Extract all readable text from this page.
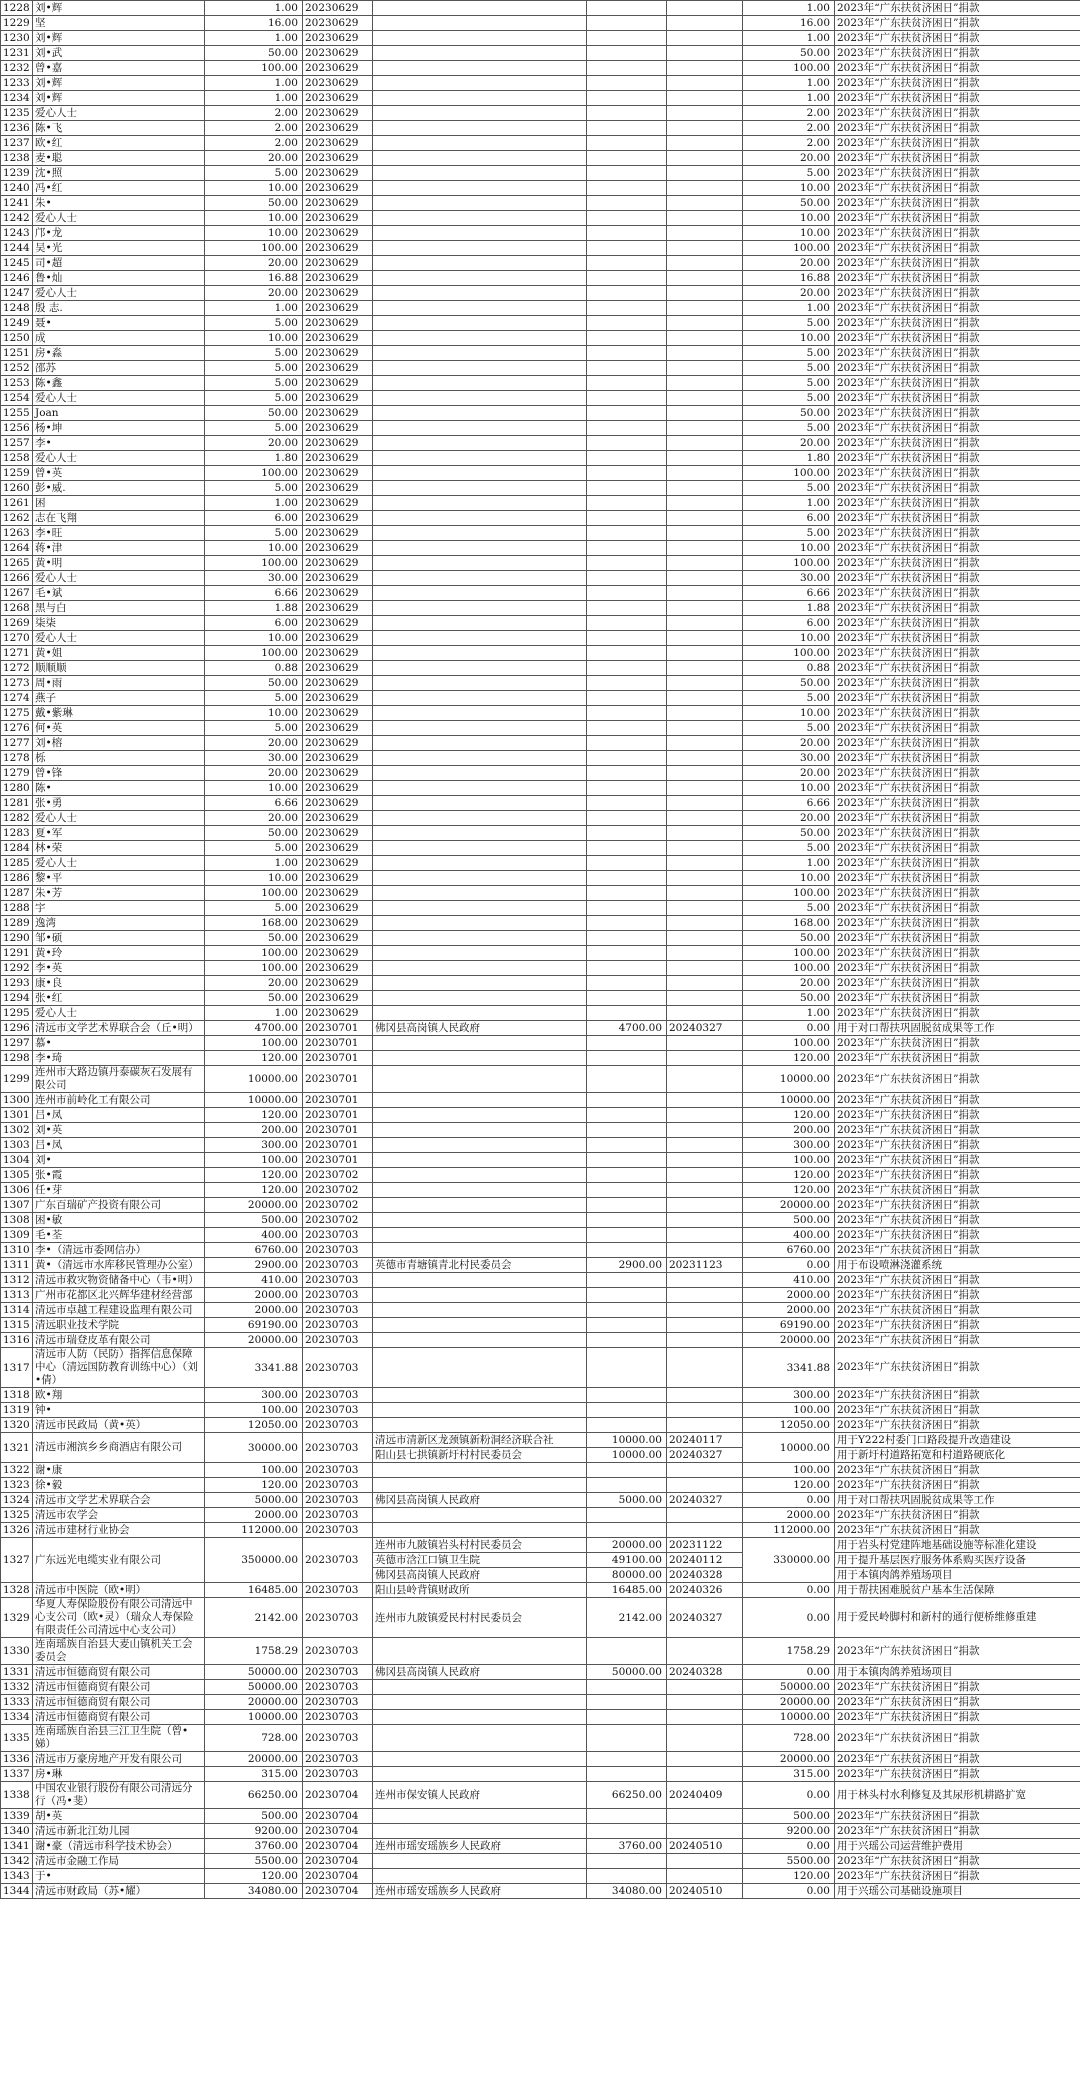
1228	刘•辉	1.00	20230629				1.00	2023年“广东扶贫济困日”捐款
1229	坚	16.00	20230629				16.00	2023年“广东扶贫济困日”捐款
1230	刘•辉	1.00	20230629				1.00	2023年“广东扶贫济困日”捐款
1231	刘•武	50.00	20230629				50.00	2023年“广东扶贫济困日”捐款
1232	曾•嘉	100.00	20230629				100.00	2023年“广东扶贫济困日”捐款
1233	刘•辉	1.00	20230629				1.00	2023年“广东扶贫济困日”捐款
1234	刘•辉	1.00	20230629				1.00	2023年“广东扶贫济困日”捐款
1235	爱心人士	2.00	20230629				2.00	2023年“广东扶贫济困日”捐款
1236	陈•飞	2.00	20230629				2.00	2023年“广东扶贫济困日”捐款
1237	欧•红	2.00	20230629				2.00	2023年“广东扶贫济困日”捐款
1238	麦•聪	20.00	20230629				20.00	2023年“广东扶贫济困日”捐款
1239	沈•照	5.00	20230629				5.00	2023年“广东扶贫济困日”捐款
1240	冯•红	10.00	20230629				10.00	2023年“广东扶贫济困日”捐款
1241	朱•	50.00	20230629				50.00	2023年“广东扶贫济困日”捐款
1242	爱心人士	10.00	20230629				10.00	2023年“广东扶贫济困日”捐款
1243	邝•龙	10.00	20230629				10.00	2023年“广东扶贫济困日”捐款
1244	吴•光	100.00	20230629				100.00	2023年“广东扶贫济困日”捐款
1245	司•超	20.00	20230629				20.00	2023年“广东扶贫济困日”捐款
1246	鲁•灿	16.88	20230629				16.88	2023年“广东扶贫济困日”捐款
1247	爱心人士	20.00	20230629				20.00	2023年“广东扶贫济困日”捐款
1248	殷 志.	1.00	20230629				1.00	2023年“广东扶贫济困日”捐款
1249	聂•	5.00	20230629				5.00	2023年“广东扶贫济困日”捐款
1250	成	10.00	20230629				10.00	2023年“广东扶贫济困日”捐款
1251	房•淼	5.00	20230629				5.00	2023年“广东扶贫济困日”捐款
1252	邵苏	5.00	20230629				5.00	2023年“广东扶贫济困日”捐款
1253	陈•鑫	5.00	20230629				5.00	2023年“广东扶贫济困日”捐款
1254	爱心人士	5.00	20230629				5.00	2023年“广东扶贫济困日”捐款
1255	Joan	50.00	20230629				50.00	2023年“广东扶贫济困日”捐款
1256	杨•坤	5.00	20230629				5.00	2023年“广东扶贫济困日”捐款
1257	李•	20.00	20230629				20.00	2023年“广东扶贫济困日”捐款
1258	爱心人士	1.80	20230629				1.80	2023年“广东扶贫济困日”捐款
1259	曾•英	100.00	20230629				100.00	2023年“广东扶贫济困日”捐款
1260	彭•威.	5.00	20230629				5.00	2023年“广东扶贫济困日”捐款
1261	困	1.00	20230629				1.00	2023年“广东扶贫济困日”捐款
1262	志在飞翔	6.00	20230629				6.00	2023年“广东扶贫济困日”捐款
1263	李•旺	5.00	20230629				5.00	2023年“广东扶贫济困日”捐款
1264	蒋•津	10.00	20230629				10.00	2023年“广东扶贫济困日”捐款
1265	黄•明	100.00	20230629				100.00	2023年“广东扶贫济困日”捐款
1266	爱心人士	30.00	20230629				30.00	2023年“广东扶贫济困日”捐款
1267	毛•斌	6.66	20230629				6.66	2023年“广东扶贫济困日”捐款
1268	黑与白	1.88	20230629				1.88	2023年“广东扶贫济困日”捐款
1269	柒柒	6.00	20230629				6.00	2023年“广东扶贫济困日”捐款
1270	爱心人士	10.00	20230629				10.00	2023年“广东扶贫济困日”捐款
1271	黄•姐	100.00	20230629				100.00	2023年“广东扶贫济困日”捐款
1272	顺顺顺	0.88	20230629				0.88	2023年“广东扶贫济困日”捐款
1273	周•雨	50.00	20230629				50.00	2023年“广东扶贫济困日”捐款
1274	燕子	5.00	20230629				5.00	2023年“广东扶贫济困日”捐款
1275	戴•紫琳	10.00	20230629				10.00	2023年“广东扶贫济困日”捐款
1276	何•英	5.00	20230629				5.00	2023年“广东扶贫济困日”捐款
1277	刘•榕	20.00	20230629				20.00	2023年“广东扶贫济困日”捐款
1278	栎	30.00	20230629				30.00	2023年“广东扶贫济困日”捐款
1279	曾•锋	20.00	20230629				20.00	2023年“广东扶贫济困日”捐款
1280	陈•	10.00	20230629				10.00	2023年“广东扶贫济困日”捐款
1281	张•勇	6.66	20230629				6.66	2023年“广东扶贫济困日”捐款
1282	爱心人士	20.00	20230629				20.00	2023年“广东扶贫济困日”捐款
1283	夏•军	50.00	20230629				50.00	2023年“广东扶贫济困日”捐款
1284	林•荣	5.00	20230629				5.00	2023年“广东扶贫济困日”捐款
1285	爱心人士	1.00	20230629				1.00	2023年“广东扶贫济困日”捐款
1286	黎•平	10.00	20230629				10.00	2023年“广东扶贫济困日”捐款
1287	朱•芳	100.00	20230629				100.00	2023年“广东扶贫济困日”捐款
1288	宇	5.00	20230629				5.00	2023年“广东扶贫济困日”捐款
1289	逸湾	168.00	20230629				168.00	2023年“广东扶贫济困日”捐款
1290	邹•硕	50.00	20230629				50.00	2023年“广东扶贫济困日”捐款
1291	黄•玲	100.00	20230629				100.00	2023年“广东扶贫济困日”捐款
1292	李•英	100.00	20230629				100.00	2023年“广东扶贫济困日”捐款
1293	康•良	20.00	20230629				20.00	2023年“广东扶贫济困日”捐款
1294	张•红	50.00	20230629				50.00	2023年“广东扶贫济困日”捐款
1295	爱心人士	1.00	20230629				1.00	2023年“广东扶贫济困日”捐款
1296	清远市文学艺术界联合会（丘•明）	4700.00	20230701	佛冈县高岗镇人民政府	4700.00	20240327	0.00	用于对口帮扶巩固脱贫成果等工作
1297	慕•	100.00	20230701				100.00	2023年“广东扶贫济困日”捐款
1298	李•琦	120.00	20230701				120.00	2023年“广东扶贫济困日”捐款
1299	连州市大路边镇丹泰碳灰石发展有限公司	10000.00	20230701				10000.00	2023年“广东扶贫济困日”捐款
1300	连州市前岭化工有限公司	10000.00	20230701				10000.00	2023年“广东扶贫济困日”捐款
1301	吕•凤	120.00	20230701				120.00	2023年“广东扶贫济困日”捐款
1302	刘•英	200.00	20230701				200.00	2023年“广东扶贫济困日”捐款
1303	吕•凤	300.00	20230701				300.00	2023年“广东扶贫济困日”捐款
1304	刘•	100.00	20230701				100.00	2023年“广东扶贫济困日”捐款
1305	张•霞	120.00	20230702				120.00	2023年“广东扶贫济困日”捐款
1306	任•芽	120.00	20230702				120.00	2023年“广东扶贫济困日”捐款
1307	广东百瑞矿产投资有限公司	20000.00	20230702				20000.00	2023年“广东扶贫济困日”捐款
1308	困•敏	500.00	20230702				500.00	2023年“广东扶贫济困日”捐款
1309	毛•荃	400.00	20230703				400.00	2023年“广东扶贫济困日”捐款
1310	李•（清远市委网信办）	6760.00	20230703				6760.00	2023年“广东扶贫济困日”捐款
1311	黄•（清远市水库移民管理办公室）	2900.00	20230703	英德市青塘镇青北村民委员会	2900.00	20231123	0.00	用于布设喷淋浇灌系统
1312	清远市救灾物资储备中心（韦•明）	410.00	20230703				410.00	2023年“广东扶贫济困日”捐款
1313	广州市花都区北兴辉华建材经营部	2000.00	20230703				2000.00	2023年“广东扶贫济困日”捐款
1314	清远市卓越工程建设监理有限公司	2000.00	20230703				2000.00	2023年“广东扶贫济困日”捐款
1315	清远职业技术学院	69190.00	20230703				69190.00	2023年“广东扶贫济困日”捐款
1316	清远市瑞登皮革有限公司	20000.00	20230703				20000.00	2023年“广东扶贫济困日”捐款
1317	清远市人防（民防）指挥信息保障中心（清远国防教育训练中心）（刘•倩）	3341.88	20230703				3341.88	2023年“广东扶贫济困日”捐款
1318	欧•翔	300.00	20230703				300.00	2023年“广东扶贫济困日”捐款
1319	钟•	100.00	20230703				100.00	2023年“广东扶贫济困日”捐款
1320	清远市民政局（黄•英）	12050.00	20230703				12050.00	2023年“广东扶贫济困日”捐款
1321	清远市湘滨乡乡商酒店有限公司	30000.00	20230703	清远市清新区龙颈镇新粉洞经济联合社	10000.00	20240117	10000.00	用于Y222村委门口路段提升改造建设
				阳山县七拱镇新圩村村民委员会	10000.00	20240327		用于新圩村道路拓宽和村道路硬底化
1322	谢•康	100.00	20230703				100.00	2023年“广东扶贫济困日”捐款
1323	徐•毅	120.00	20230703				120.00	2023年“广东扶贫济困日”捐款
1324	清远市文学艺术界联合会	5000.00	20230703	佛冈县高岗镇人民政府	5000.00	20240327	0.00	用于对口帮扶巩固脱贫成果等工作
1325	清远市农学会	2000.00	20230703				2000.00	2023年“广东扶贫济困日”捐款
1326	清远市建材行业协会	112000.00	20230703				112000.00	2023年“广东扶贫济困日”捐款
1327	广东远光电缆实业有限公司	350000.00	20230703	连州市九陂镇岩头村村民委员会	20000.00	20231122	330000.00	用于岩头村党建阵地基础设施等标准化建设
				英德市浛江口镇卫生院	49100.00	20240112		用于提升基层医疗服务体系购买医疗设备
				佛冈县高岗镇人民政府	80000.00	20240328		用于本镇肉鸽养殖场项目
1328	清远市中医院（欧•明）	16485.00	20230703	阳山县岭背镇财政所	16485.00	20240326	0.00	用于帮扶困难脱贫户基本生活保障
1329	华夏人寿保险股份有限公司清远中心支公司（欧•灵）（瑞众人寿保险有限责任公司清远中心支公司）	2142.00	20230703	连州市九陂镇爱民村村民委员会	2142.00	20240327	0.00	用于爱民岭脚村和新村的通行便桥维修重建
1330	连南瑶族自治县大麦山镇机关工会委员会	1758.29	20230703				1758.29	2023年“广东扶贫济困日”捐款
1331	清远市恒德商贸有限公司	50000.00	20230703	佛冈县高岗镇人民政府	50000.00	20240328	0.00	用于本镇肉鸽养殖场项目
1332	清远市恒德商贸有限公司	50000.00	20230703				50000.00	2023年“广东扶贫济困日”捐款
1333	清远市恒德商贸有限公司	20000.00	20230703				20000.00	2023年“广东扶贫济困日”捐款
1334	清远市恒德商贸有限公司	10000.00	20230703				10000.00	2023年“广东扶贫济困日”捐款
1335	连南瑶族自治县三江卫生院（曾•娣）	728.00	20230703				728.00	2023年“广东扶贫济困日”捐款
1336	清远市万豪房地产开发有限公司	20000.00	20230703				20000.00	2023年“广东扶贫济困日”捐款
1337	房•琳	315.00	20230703				315.00	2023年“广东扶贫济困日”捐款
1338	中国农业银行股份有限公司清远分行（冯•斐）	66250.00	20230704	连州市保安镇人民政府	66250.00	20240409	0.00	用于林头村水利修复及其尿形机耕路扩宽
1339	胡•英	500.00	20230704				500.00	2023年“广东扶贫济困日”捐款
1340	清远市新北江幼儿园	9200.00	20230704				9200.00	2023年“广东扶贫济困日”捐款
1341	谢•豪（清远市科学技术协会）	3760.00	20230704	连州市瑶安瑶族乡人民政府	3760.00	20240510	0.00	用于兴瑶公司运营维护费用
1342	清远市金融工作局	5500.00	20230704				5500.00	2023年“广东扶贫济困日”捐款
1343	于•	120.00	20230704				120.00	2023年“广东扶贫济困日”捐款
1344	清远市财政局（苏•耀）	34080.00	20230704	连州市瑶安瑶族乡人民政府	34080.00	20240510	0.00	用于兴瑶公司基础设施项目
